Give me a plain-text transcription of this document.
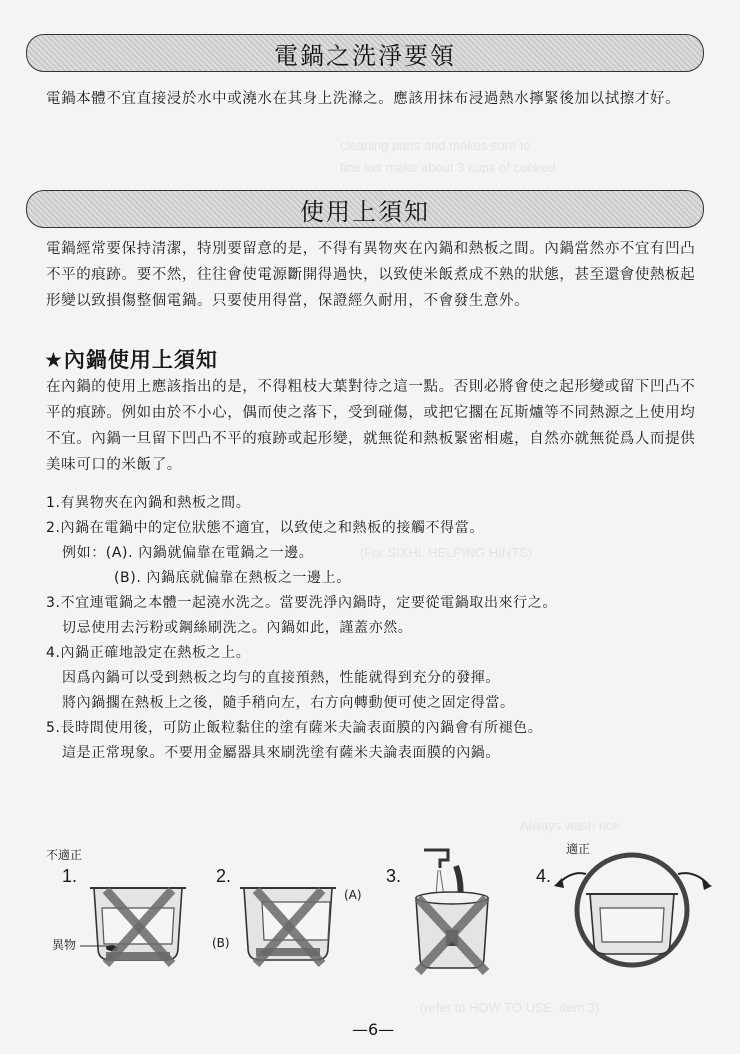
cleaning pans and makes sure to
fine ket make about 3 cups of cooked
(For SIXHL HELPING HINTS)
Always wash rice
(refer to HOW TO USE, item 3)
電鍋之洗淨要領
電鍋本體不宜直接浸於水中或澆水在其身上洗滌之。應該用抹布浸過熱水擰緊後加以拭擦才好。
使用上須知
電鍋經常要保持清潔，特別要留意的是，不得有異物夾在內鍋和熱板之間。內鍋當然亦不宜有凹凸不平的痕跡。要不然，往往會使電源斷開得過快，以致使米飯煮成不熟的狀態，甚至還會使熱板起形變以致損傷整個電鍋。只要使用得當，保證經久耐用，不會發生意外。
★內鍋使用上須知
在內鍋的使用上應該指出的是，不得粗枝大葉對待之這一點。否則必將會使之起形變或留下凹凸不平的痕跡。例如由於不小心，偶而使之落下，受到碰傷，或把它擱在瓦斯爐等不同熱源之上使用均不宜。內鍋一旦留下凹凸不平的痕跡或起形變，就無從和熱板緊密相處，自然亦就無從爲人而提供美味可口的米飯了。
1.有異物夾在內鍋和熱板之間。
2.內鍋在電鍋中的定位狀態不適宜，以致使之和熱板的接觸不得當。
例如：(A). 內鍋就偏靠在電鍋之一邊。
(B). 內鍋底就偏靠在熱板之一邊上。
3.不宜連電鍋之本體一起澆水洗之。當要洗淨內鍋時，定要從電鍋取出來行之。
切忌使用去污粉或鋼絲刷洗之。內鍋如此，謹蓋亦然。
4.內鍋正確地設定在熱板之上。
因爲內鍋可以受到熱板之均勻的直接預熱，性能就得到充分的發揮。
將內鍋擱在熱板上之後，隨手稍向左，右方向轉動便可使之固定得當。
5.長時間使用後，可防止飯粒黏住的塗有薩米夫論表面膜的內鍋會有所褪色。
這是正常現象。不要用金屬器具來刷洗塗有薩米夫論表面膜的內鍋。
不適正	適正
1.	2.	3.	4.
異物
(A)
(B)
—6—
